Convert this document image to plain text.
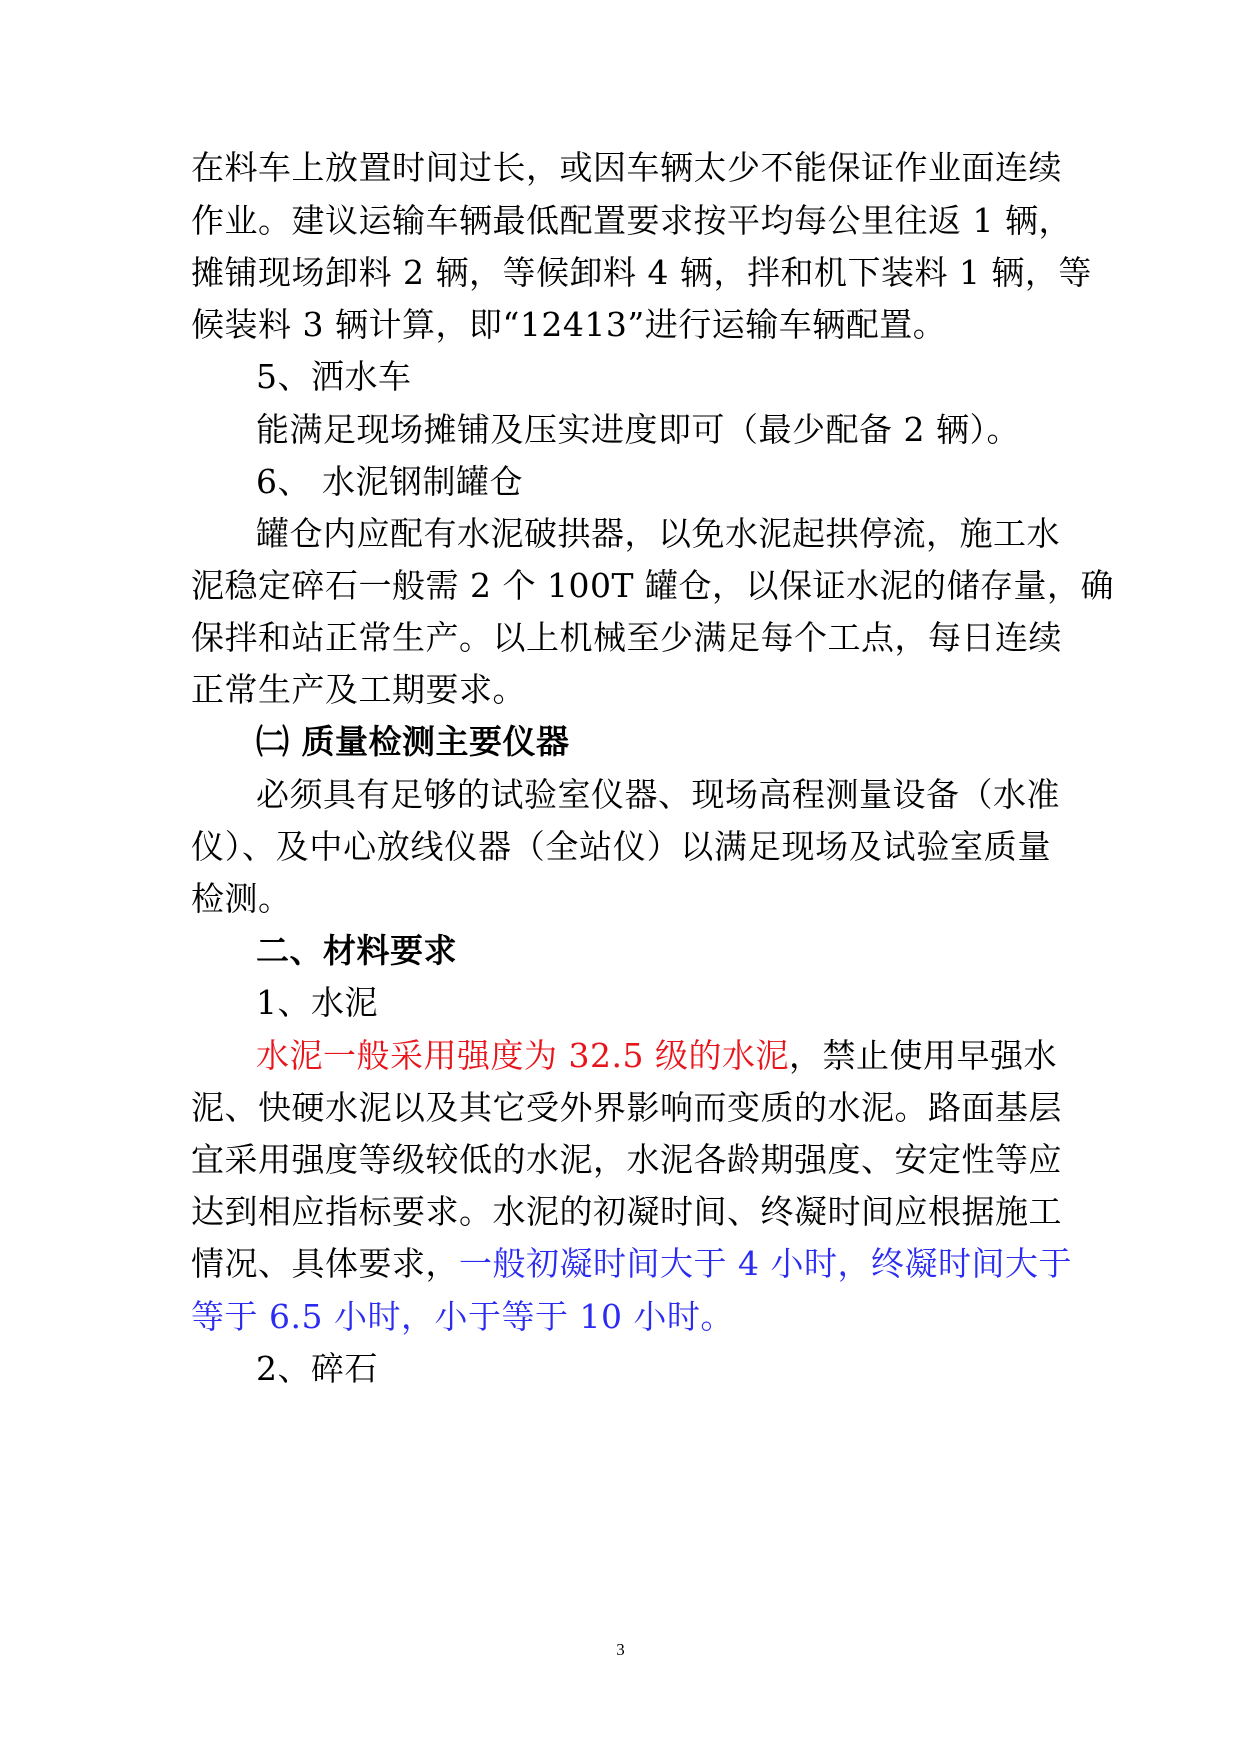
在料车上放置时间过长，或因车辆太少不能保证作业面连续
作业。建议运输车辆最低配置要求按平均每公里往返 1 辆，
摊铺现场卸料 2 辆，等候卸料 4 辆，拌和机下装料 1 辆，等
候装料 3 辆计算，即“12413”进行运输车辆配置。
5、洒水车
能满足现场摊铺及压实进度即可（最少配备 2 辆）。
6、 水泥钢制罐仓
罐仓内应配有水泥破拱器，以免水泥起拱停流，施工水
泥稳定碎石一般需 2 个 100T 罐仓，以保证水泥的储存量，确
保拌和站正常生产。以上机械至少满足每个工点，每日连续
正常生产及工期要求。
㈡ 质量检测主要仪器
必须具有足够的试验室仪器、现场高程测量设备（水准
仪）、及中心放线仪器（全站仪）以满足现场及试验室质量
检测。
二、材料要求
1、水泥
水泥一般采用强度为 32.5 级的水泥，禁止使用早强水
泥、快硬水泥以及其它受外界影响而变质的水泥。路面基层
宜采用强度等级较低的水泥，水泥各龄期强度、安定性等应
达到相应指标要求。水泥的初凝时间、终凝时间应根据施工
情况、具体要求，一般初凝时间大于 4 小时，终凝时间大于
等于 6.5 小时，小于等于 10 小时。
2、碎石
3
